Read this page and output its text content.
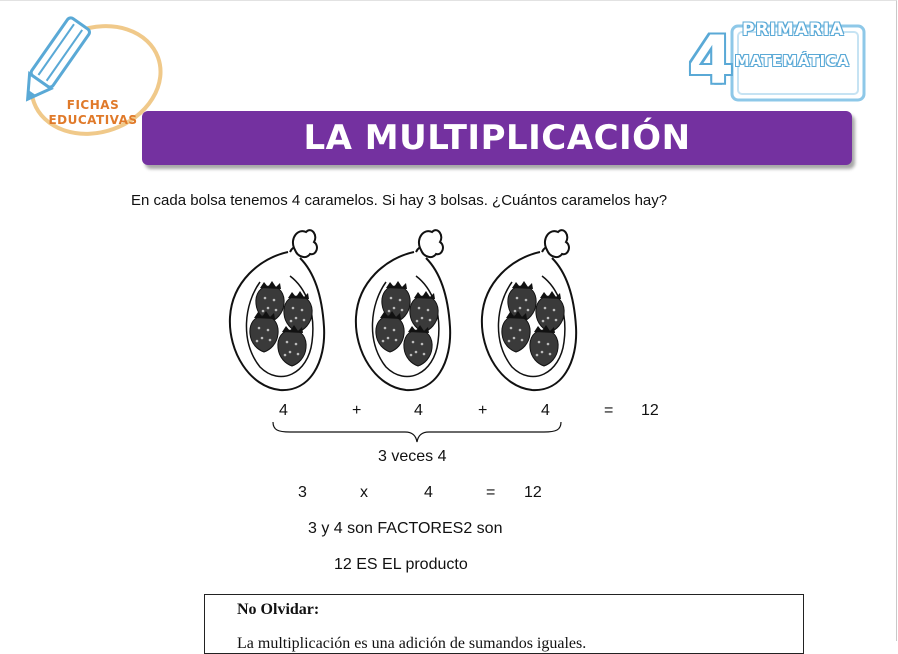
FICHAS
EDUCATIVAS
PRIMARIA
4 MATEMÁTICA
LA MULTIPLICACIÓN
En cada bolsa tenemos 4 caramelos. Si hay 3 bolsas. ¿Cuántos caramelos hay?
4	+	4	+	4	= 12
3 veces 4
3	x	4	= 12
3 y 4 son FACTORES2 son
12 ES EL producto
No Olvidar:
La multiplicación es una adición de sumandos iguales.
